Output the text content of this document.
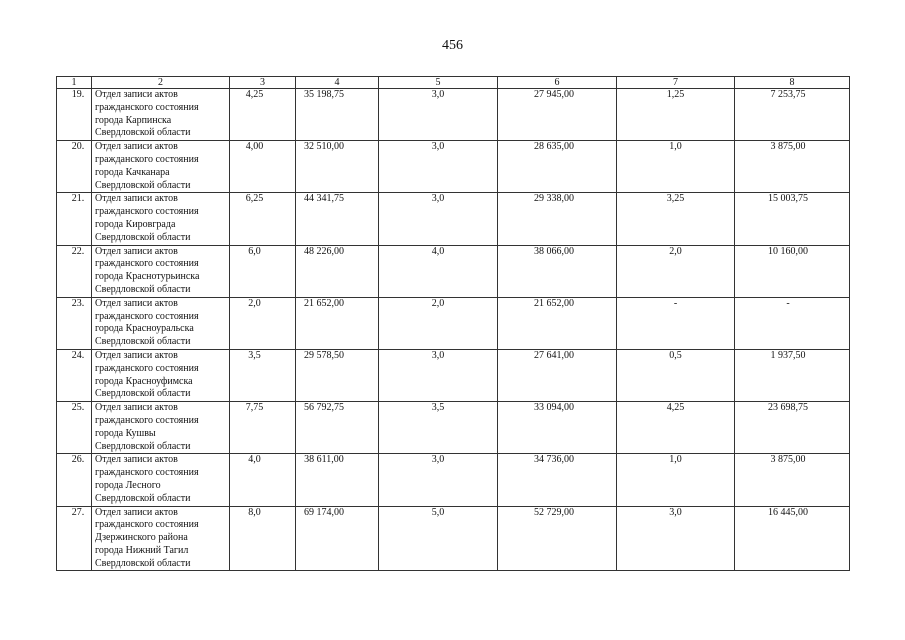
456
1	2	3	4	5	6	7	8
19.	Отдел записи актов
гражданского состояния
города Карпинска
Свердловской области	4,25	35 198,75	3,0	27 945,00	1,25	7 253,75
20.	Отдел записи актов
гражданского состояния
города Качканара
Свердловской области	4,00	32 510,00	3,0	28 635,00	1,0	3 875,00
21.	Отдел записи актов
гражданского состояния
города Кировграда
Свердловской области	6,25	44 341,75	3,0	29 338,00	3,25	15 003,75
22.	Отдел записи актов
гражданского состояния
города Краснотурьинска
Свердловской области	6,0	48 226,00	4,0	38 066,00	2,0	10 160,00
23.	Отдел записи актов
гражданского состояния
города Красноуральска
Свердловской области	2,0	21 652,00	2,0	21 652,00	-	-
24.	Отдел записи актов
гражданского состояния
города Красноуфимска
Свердловской области	3,5	29 578,50	3,0	27 641,00	0,5	1 937,50
25.	Отдел записи актов
гражданского состояния
города Кушвы
Свердловской области	7,75	56 792,75	3,5	33 094,00	4,25	23 698,75
26.	Отдел записи актов
гражданского состояния
города Лесного
Свердловской области	4,0	38 611,00	3,0	34 736,00	1,0	3 875,00
27.	Отдел записи актов
гражданского состояния
Дзержинского района
города Нижний Тагил
Свердловской области	8,0	69 174,00	5,0	52 729,00	3,0	16 445,00
